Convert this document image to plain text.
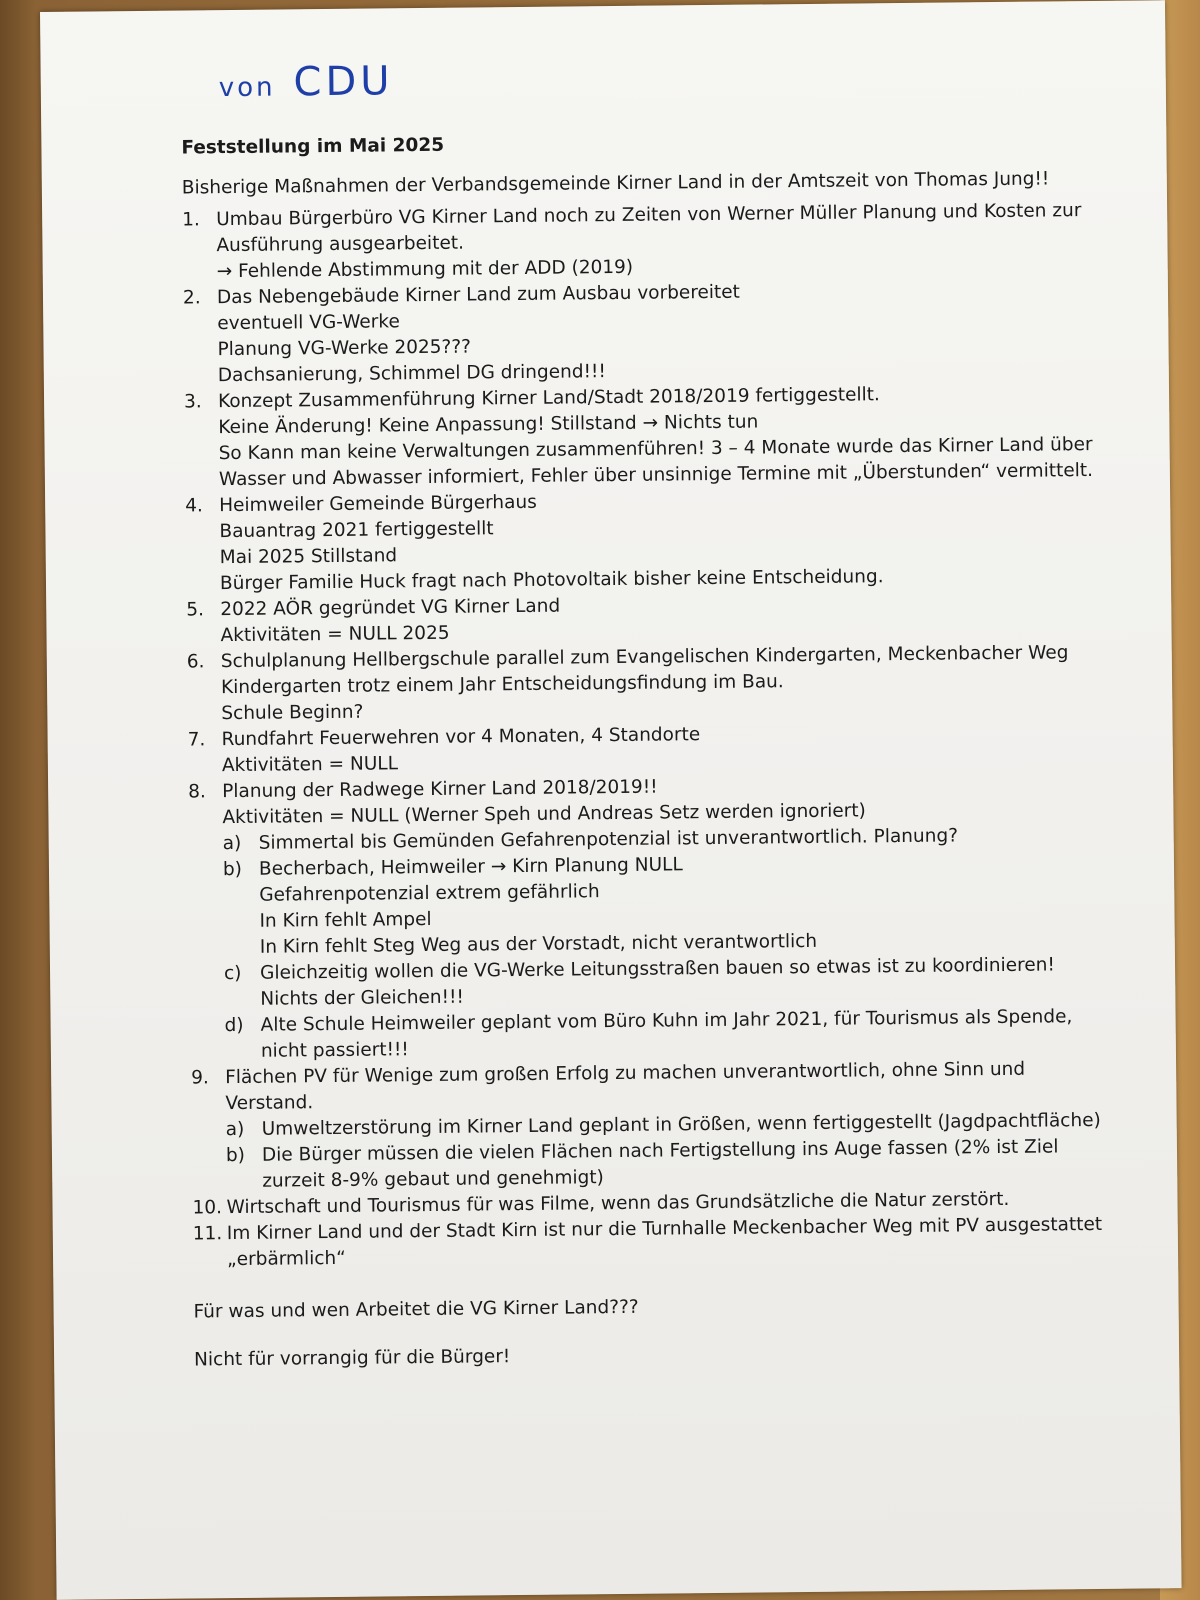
von CDU
Feststellung im Mai 2025
Bisherige Maßnahmen der Verbandsgemeinde Kirner Land in der Amtszeit von Thomas Jung!!
1. Umbau Bürgerbüro VG Kirner Land noch zu Zeiten von Werner Müller Planung und Kosten zur Ausführung ausgearbeitet.
→ Fehlende Abstimmung mit der ADD (2019)
2. Das Nebengebäude Kirner Land zum Ausbau vorbereitet
eventuell VG-Werke
Planung VG-Werke 2025???
Dachsanierung, Schimmel DG dringend!!!
3. Konzept Zusammenführung Kirner Land/Stadt 2018/2019 fertiggestellt.
Keine Änderung! Keine Anpassung! Stillstand → Nichts tun
So Kann man keine Verwaltungen zusammenführen! 3 – 4 Monate wurde das Kirner Land über Wasser und Abwasser informiert, Fehler über unsinnige Termine mit „Überstunden“ vermittelt.
4. Heimweiler Gemeinde Bürgerhaus
Bauantrag 2021 fertiggestellt
Mai 2025 Stillstand
Bürger Familie Huck fragt nach Photovoltaik bisher keine Entscheidung.
5. 2022 AÖR gegründet VG Kirner Land
Aktivitäten = NULL 2025
6. Schulplanung Hellbergschule parallel zum Evangelischen Kindergarten, Meckenbacher Weg
Kindergarten trotz einem Jahr Entscheidungsfindung im Bau.
Schule Beginn?
7. Rundfahrt Feuerwehren vor 4 Monaten, 4 Standorte
Aktivitäten = NULL
8. Planung der Radwege Kirner Land 2018/2019!!
Aktivitäten = NULL (Werner Speh und Andreas Setz werden ignoriert)
a) Simmertal bis Gemünden Gefahrenpotenzial ist unverantwortlich. Planung?
b) Becherbach, Heimweiler → Kirn Planung NULL
Gefahrenpotenzial extrem gefährlich
In Kirn fehlt Ampel
In Kirn fehlt Steg Weg aus der Vorstadt, nicht verantwortlich
c) Gleichzeitig wollen die VG-Werke Leitungsstraßen bauen so etwas ist zu koordinieren!
Nichts der Gleichen!!!
d) Alte Schule Heimweiler geplant vom Büro Kuhn im Jahr 2021, für Tourismus als Spende, nicht passiert!!!
9. Flächen PV für Wenige zum großen Erfolg zu machen unverantwortlich, ohne Sinn und Verstand.
a) Umweltzerstörung im Kirner Land geplant in Größen, wenn fertiggestellt (Jagdpachtfläche)
b) Die Bürger müssen die vielen Flächen nach Fertigstellung ins Auge fassen (2% ist Ziel zurzeit 8-9% gebaut und genehmigt)
10. Wirtschaft und Tourismus für was Filme, wenn das Grundsätzliche die Natur zerstört.
11. Im Kirner Land und der Stadt Kirn ist nur die Turnhalle Meckenbacher Weg mit PV ausgestattet „erbärmlich“
Für was und wen Arbeitet die VG Kirner Land???
Nicht für vorrangig für die Bürger!
